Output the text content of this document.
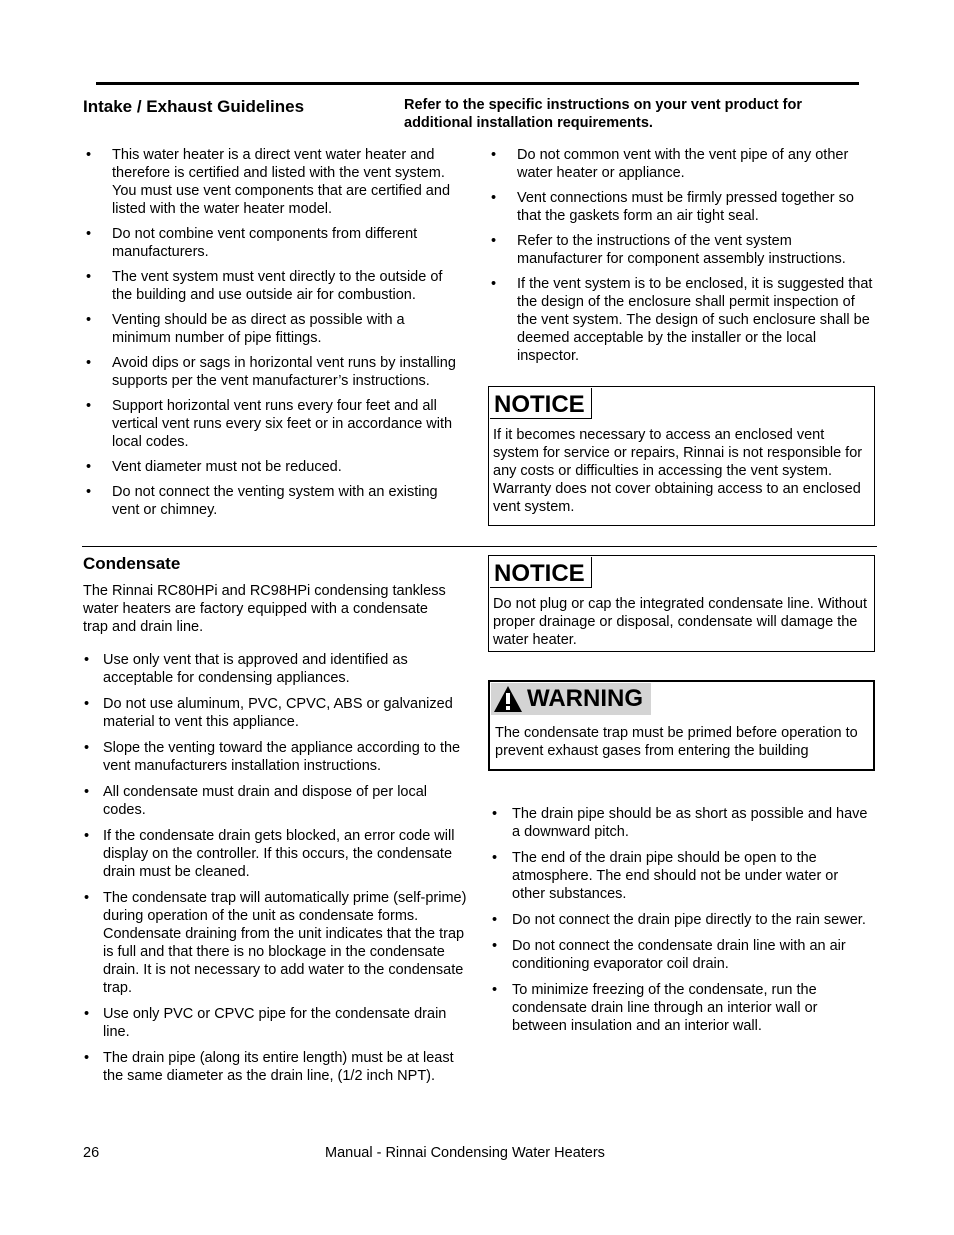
Intake / Exhaust Guidelines	Refer to the specific instructions on your vent product for additional installation requirements.
• This water heater is a direct vent water heater and therefore is certified and listed with the vent system. You must use vent components that are certified and listed with the water heater model.
• Do not combine vent components from different manufacturers.
• The vent system must vent directly to the outside of the building and use outside air for combustion.
• Venting should be as direct as possible with a minimum number of pipe fittings.
• Avoid dips or sags in horizontal vent runs by installing supports per the vent manufacturer’s instructions.
• Support horizontal vent runs every four feet and all vertical vent runs every six feet or in accordance with local codes.
• Vent diameter must not be reduced.
• Do not connect the venting system with an existing vent or chimney.
• Do not common vent with the vent pipe of any other water heater or appliance.
• Vent connections must be firmly pressed together so that the gaskets form an air tight seal.
• Refer to the instructions of the vent system manufacturer for component assembly instructions.
• If the vent system is to be enclosed, it is suggested that the design of the enclosure shall permit inspection of the vent system. The design of such enclosure shall be deemed acceptable by the installer or the local inspector.
NOTICE

If it becomes necessary to access an enclosed vent system for service or repairs, Rinnai is not responsible for any costs or difficulties in accessing the vent system. Warranty does not cover obtaining access to an enclosed vent system.

Condensate

The Rinnai RC80HPi and RC98HPi condensing tankless water heaters are factory equipped with a condensate trap and drain line.

• Use only vent that is approved and identified as acceptable for condensing appliances.
• Do not use aluminum, PVC, CPVC, ABS or galvanized material to vent this appliance.
• Slope the venting toward the appliance according to the vent manufacturers installation instructions.
• All condensate must drain and dispose of per local codes.
• If the condensate drain gets blocked, an error code will display on the controller. If this occurs, the condensate drain must be cleaned.
• The condensate trap will automatically prime (self-prime) during operation of the unit as condensate forms. Condensate draining from the unit indicates that the trap is full and that there is no blockage in the condensate drain. It is not necessary to add water to the condensate trap.
• Use only PVC or CPVC pipe for the condensate drain line.
• The drain pipe (along its entire length) must be at least the same diameter as the drain line, (1/2 inch NPT).
NOTICE

Do not plug or cap the integrated condensate line. Without proper drainage or disposal, condensate will damage the water heater.

WARNING

The condensate trap must be primed before operation to prevent exhaust gases from entering the building

• The drain pipe should be as short as possible and have a downward pitch.
• The end of the drain pipe should be open to the atmosphere. The end should not be under water or other substances.
• Do not connect the drain pipe directly to the rain sewer.
• Do not connect the condensate drain line with an air conditioning evaporator coil drain.
• To minimize freezing of the condensate, run the condensate drain line through an interior wall or between insulation and an interior wall.
26	Manual - Rinnai Condensing Water Heaters
